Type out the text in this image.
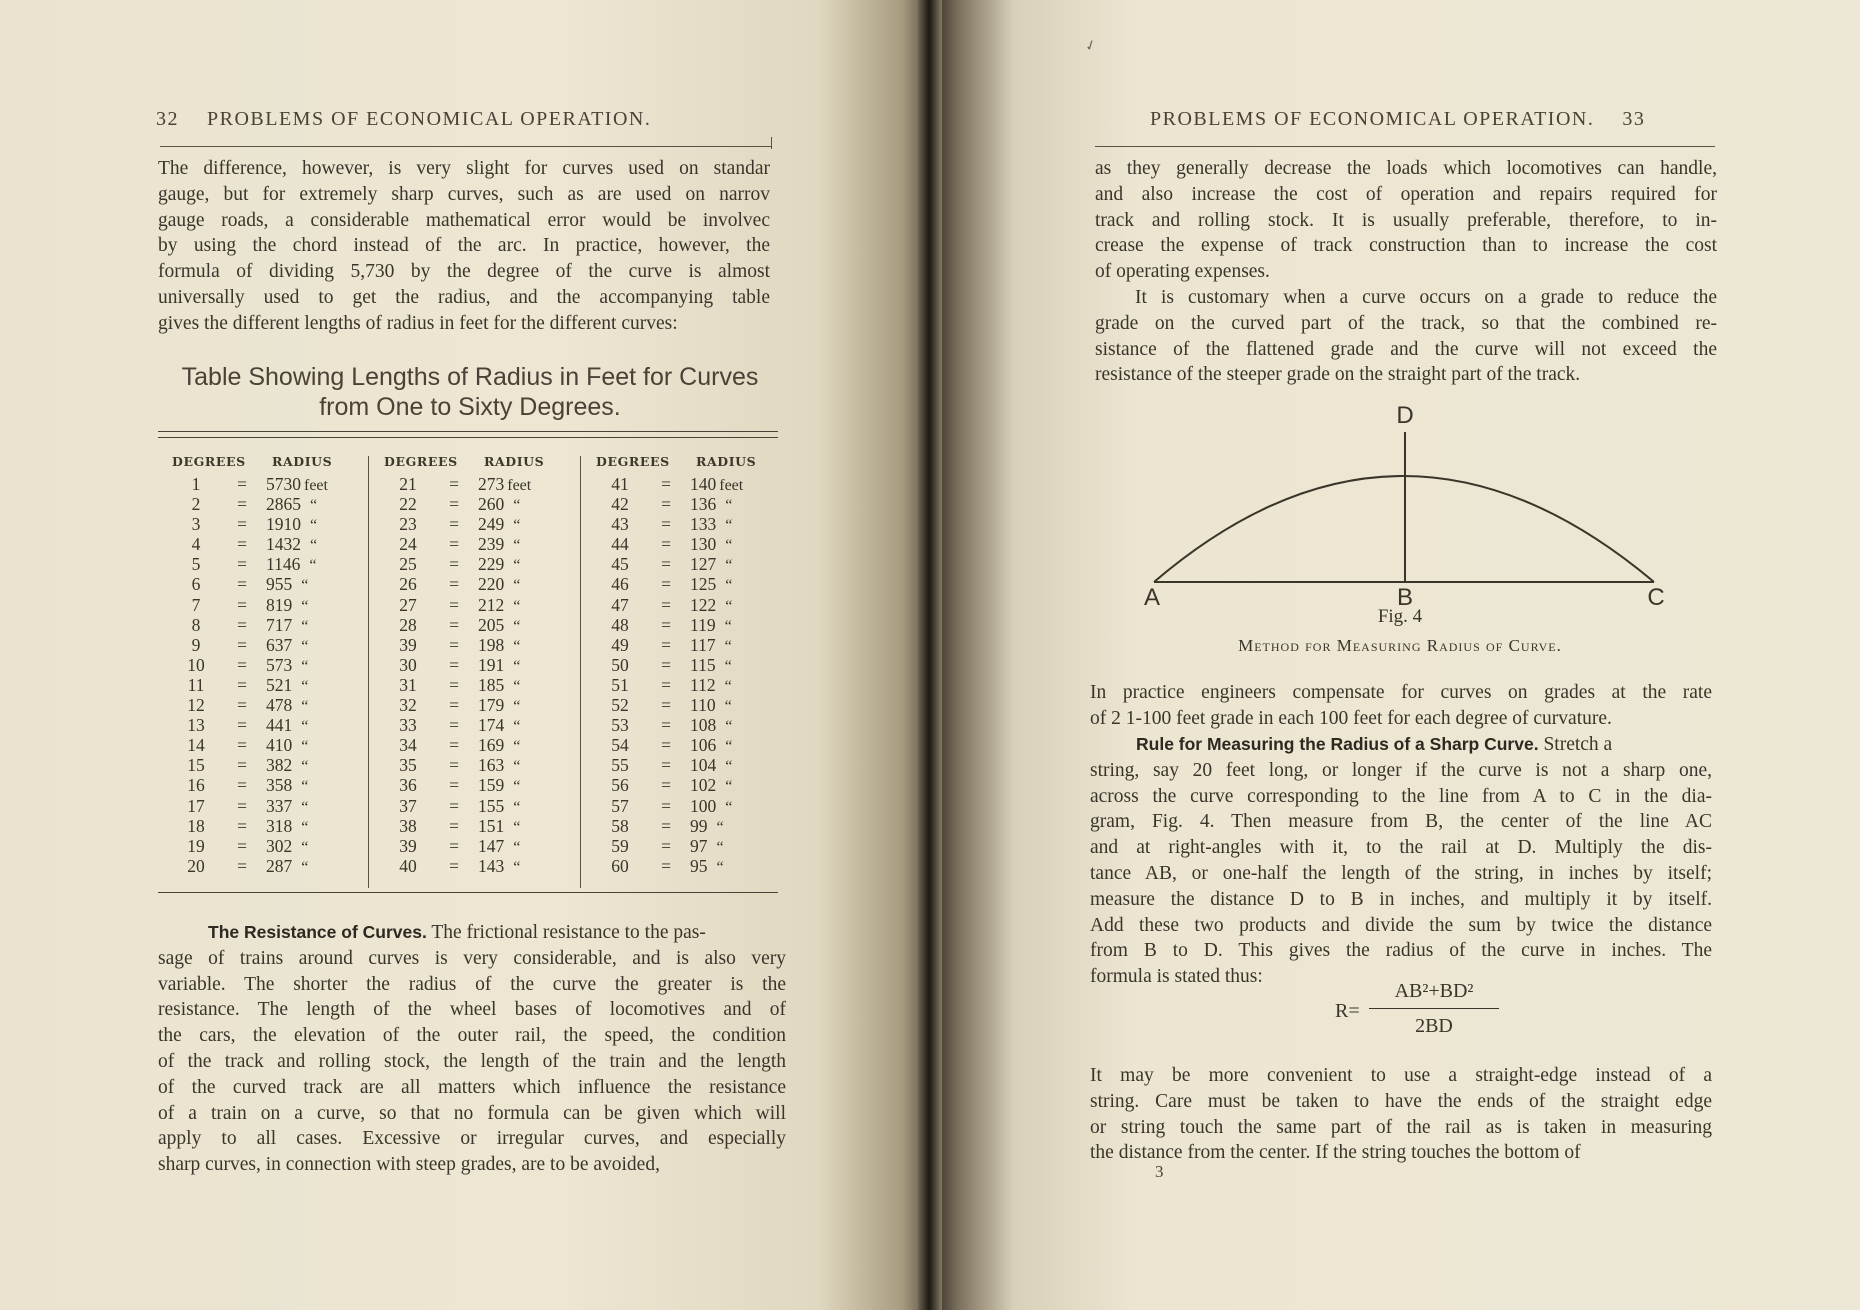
32 PROBLEMS OF ECONOMICAL OPERATION.
The difference, however, is very slight for curves used on standar
gauge, but for extremely sharp curves, such as are used on narrov
gauge roads, a considerable mathematical error would be involvec
by using the chord instead of the arc. In practice, however, the
formula of dividing 5,730 by the degree of the curve is almost
universally used to get the radius, and the accompanying table
gives the different lengths of radius in feet for the different curves:
Table Showing Lengths of Radius in Feet for Curves
from One to Sixty Degrees.
DEGREES	RADIUS
1	=	5730 feet
2	=	2865 “
3	=	1910 “
4	=	1432 “
5	=	1146 “
6	=	955 “
7	=	819 “
8	=	717 “
9	=	637 “
10	=	573 “
11	=	521 “
12	=	478 “
13	=	441 “
14	=	410 “
15	=	382 “
16	=	358 “
17	=	337 “
18	=	318 “
19	=	302 “
20	=	287 “
DEGREES	RADIUS
21	=	273 feet
22	=	260 “
23	=	249 “
24	=	239 “
25	=	229 “
26	=	220 “
27	=	212 “
28	=	205 “
39	=	198 “
30	=	191 “
31	=	185 “
32	=	179 “
33	=	174 “
34	=	169 “
35	=	163 “
36	=	159 “
37	=	155 “
38	=	151 “
39	=	147 “
40	=	143 “
DEGREES	RADIUS
41	=	140 feet
42	=	136 “
43	=	133 “
44	=	130 “
45	=	127 “
46	=	125 “
47	=	122 “
48	=	119 “
49	=	117 “
50	=	115 “
51	=	112 “
52	=	110 “
53	=	108 “
54	=	106 “
55	=	104 “
56	=	102 “
57	=	100 “
58	=	99 “
59	=	97 “
60	=	95 “
The Resistance of Curves. The frictional resistance to the pas-
sage of trains around curves is very considerable, and is also very
variable. The shorter the radius of the curve the greater is the
resistance. The length of the wheel bases of locomotives and of
the cars, the elevation of the outer rail, the speed, the condition
of the track and rolling stock, the length of the train and the length
of the curved track are all matters which influence the resistance
of a train on a curve, so that no formula can be given which will
apply to all cases. Excessive or irregular curves, and especially
sharp curves, in connection with steep grades, are to be avoided,
PROBLEMS OF ECONOMICAL OPERATION. 33
✓
as they generally decrease the loads which locomotives can handle,
and also increase the cost of operation and repairs required for
track and rolling stock. It is usually preferable, therefore, to in-
crease the expense of track construction than to increase the cost
of operating expenses.
It is customary when a curve occurs on a grade to reduce the
grade on the curved part of the track, so that the combined re-
sistance of the flattened grade and the curve will not exceed the
resistance of the steeper grade on the straight part of the track.
D
A	B	C
Fig. 4
Method for Measuring Radius of Curve.
In practice engineers compensate for curves on grades at the rate
of 2 1-100 feet grade in each 100 feet for each degree of curvature.
Rule for Measuring the Radius of a Sharp Curve. Stretch a
string, say 20 feet long, or longer if the curve is not a sharp one,
across the curve corresponding to the line from A to C in the dia-
gram, Fig. 4. Then measure from B, the center of the line AC
and at right-angles with it, to the rail at D. Multiply the dis-
tance AB, or one-half the length of the string, in inches by itself;
measure the distance D to B in inches, and multiply it by itself.
Add these two products and divide the sum by twice the distance
from B to D. This gives the radius of the curve in inches. The
formula is stated thus:
R=
AB²+BD²
2BD
It may be more convenient to use a straight-edge instead of a
string. Care must be taken to have the ends of the straight edge
or string touch the same part of the rail as is taken in measuring
the distance from the center. If the string touches the bottom of
3
